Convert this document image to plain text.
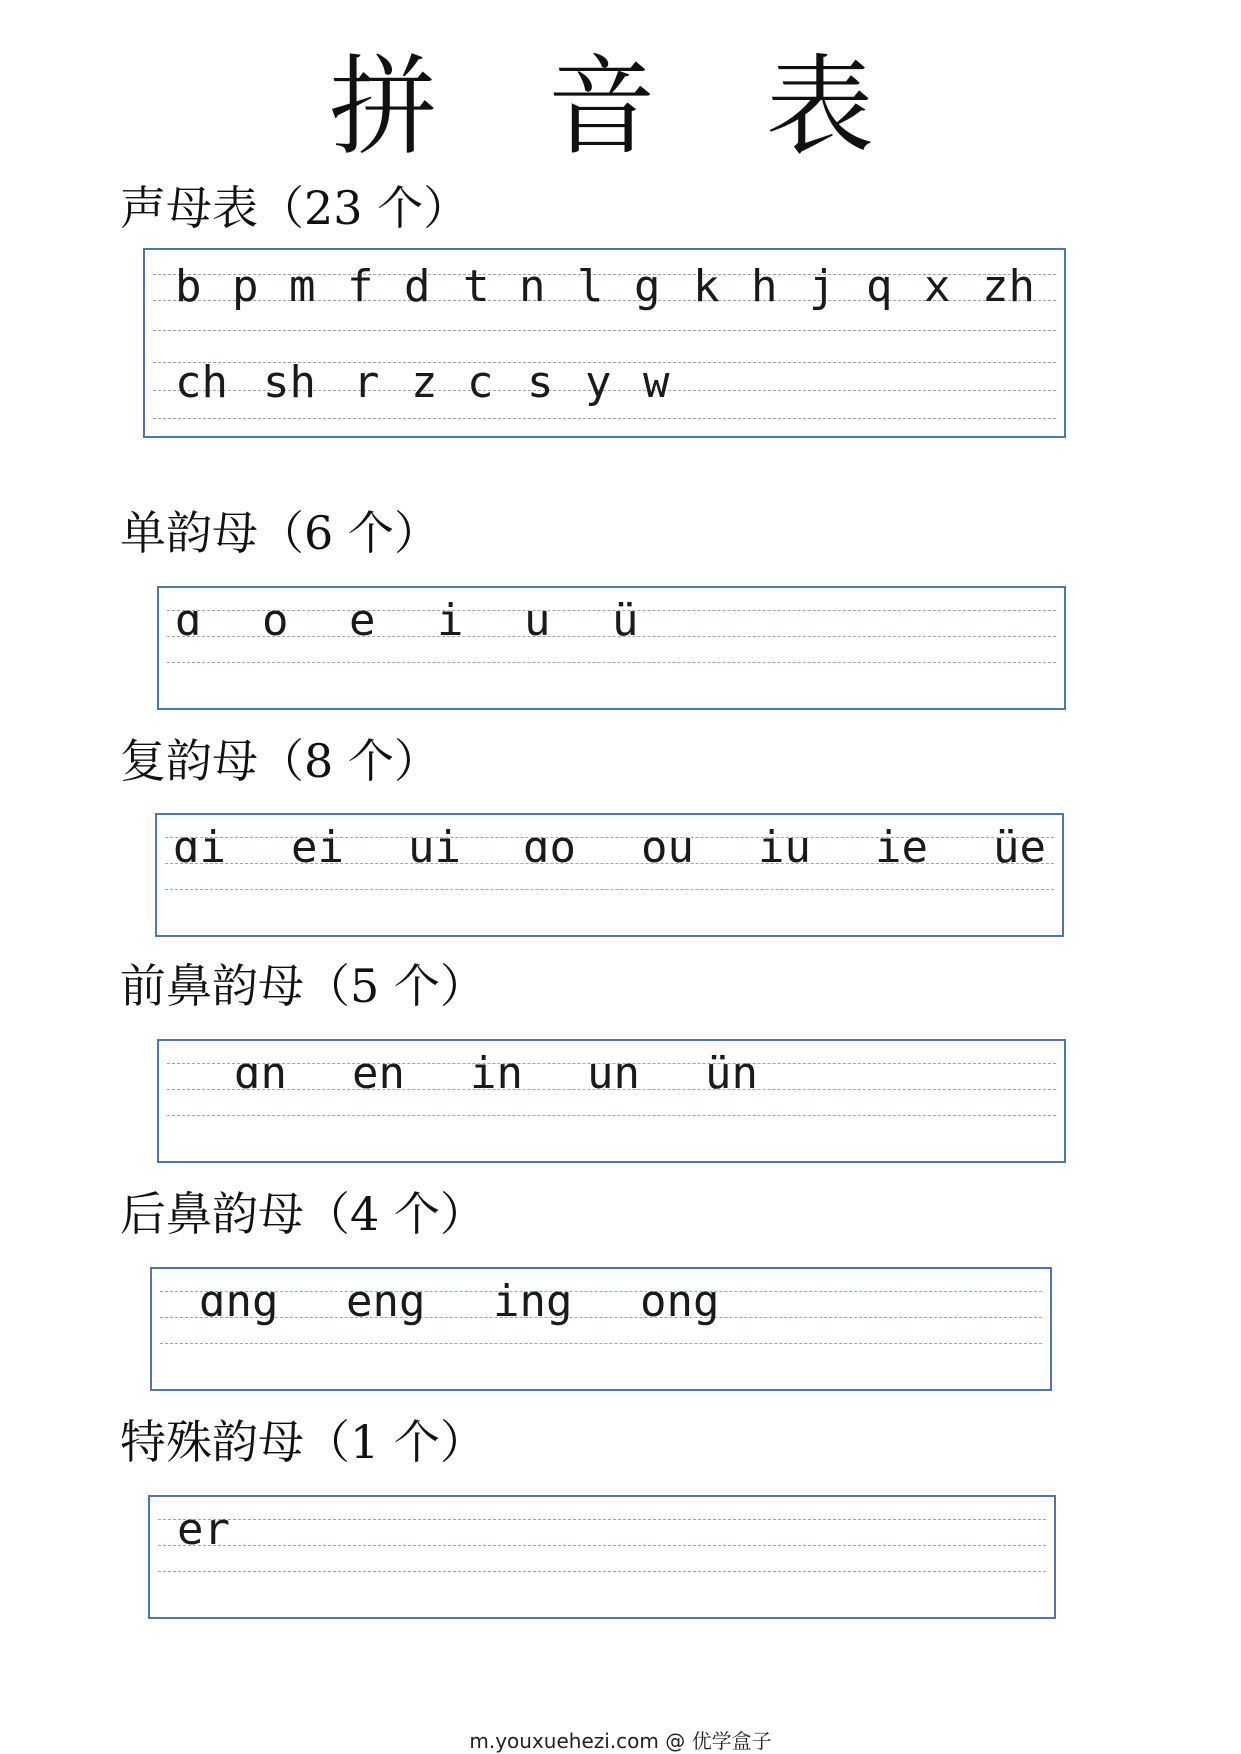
拼 音 表
声母表（23 个）
b p m f d t n l g k h j q x zh
ch sh r z c s y w
单韵母（6 个）
ɑ o e i u ü
复韵母（8 个）
ɑi ei ui ɑo ou iu ie üe
前鼻韵母（5 个）
ɑn en in un ün
后鼻韵母（4 个）
ɑng eng ing ong
特殊韵母（1 个）
er
m.youxuehezi.com @ 优学盒子
